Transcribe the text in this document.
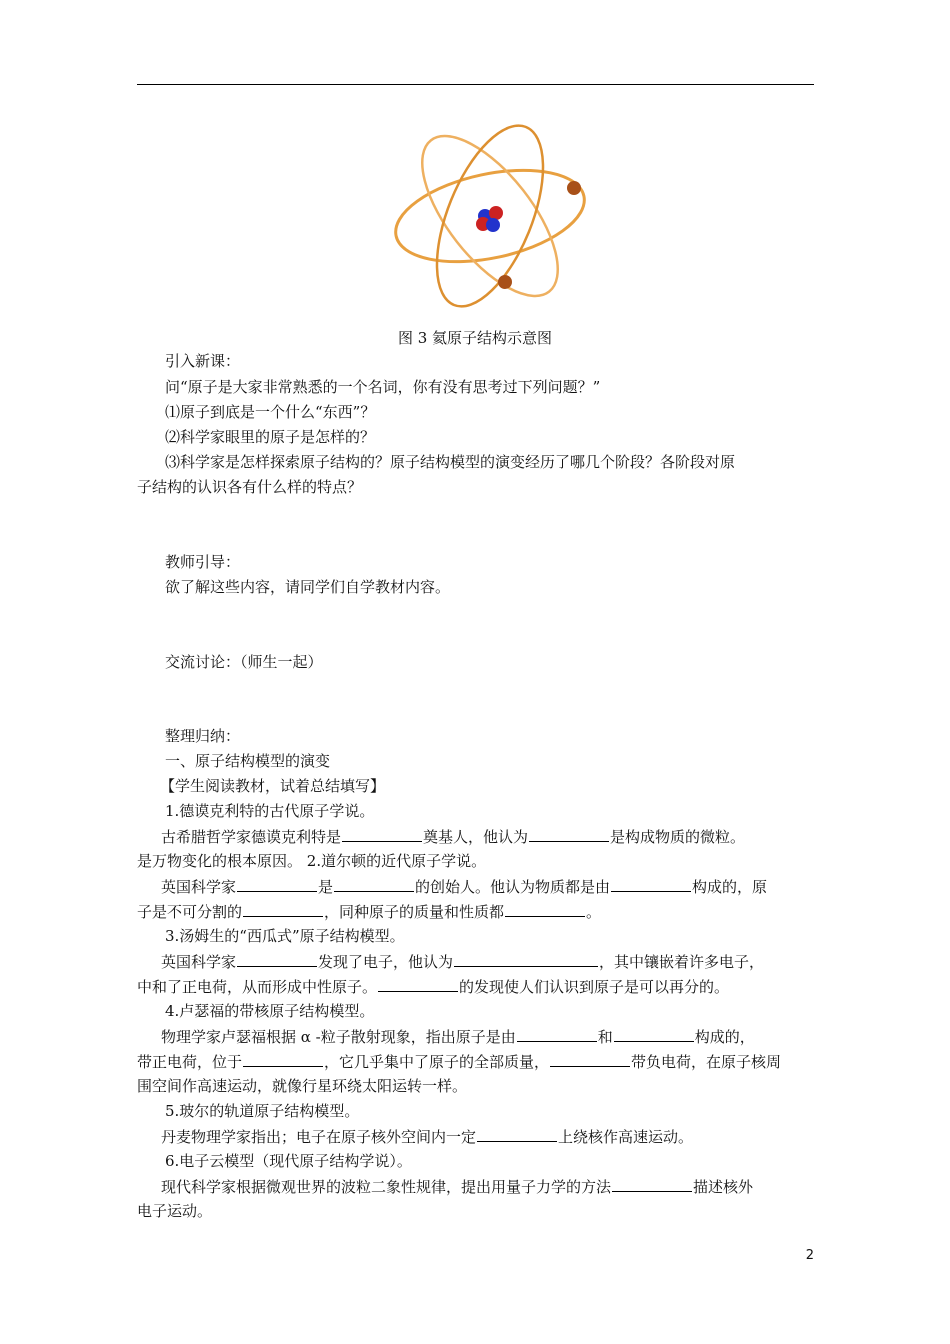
图 3 氦原子结构示意图
引入新课：
问“原子是大家非常熟悉的一个名词，你有没有思考过下列问题？”
⑴原子到底是一个什么“东西”？
⑵科学家眼里的原子是怎样的？
⑶科学家是怎样探索原子结构的？原子结构模型的演变经历了哪几个阶段？各阶段对原
子结构的认识各有什么样的特点？
教师引导：
欲了解这些内容，请同学们自学教材内容。
交流讨论：（师生一起）
整理归纳：
一、原子结构模型的演变
【学生阅读教材，试着总结填写】
1.德谟克利特的古代原子学说。
古希腊哲学家德谟克利特是	奠基人，他认为	是构成物质的微粒。
是万物变化的根本原因。 2.道尔顿的近代原子学说。
英国科学家	是	的创始人。他认为物质都是由	构成的，原
子是不可分割的	，同种原子的质量和性质都	。
3.汤姆生的“西瓜式”原子结构模型。
英国科学家	发现了电子，他认为	，其中镶嵌着许多电子，
中和了正电荷，从而形成中性原子。	的发现使人们认识到原子是可以再分的。
4.卢瑟福的带核原子结构模型。
物理学家卢瑟福根据 α -粒子散射现象，指出原子是由	和	构成的，
带正电荷，位于	，它几乎集中了原子的全部质量，	带负电荷，在原子核周
围空间作高速运动，就像行星环绕太阳运转一样。
5.玻尔的轨道原子结构模型。
丹麦物理学家指出；电子在原子核外空间内一定	上绕核作高速运动。
6.电子云模型（现代原子结构学说）。
现代科学家根据微观世界的波粒二象性规律，提出用量子力学的方法	描述核外
电子运动。
2
